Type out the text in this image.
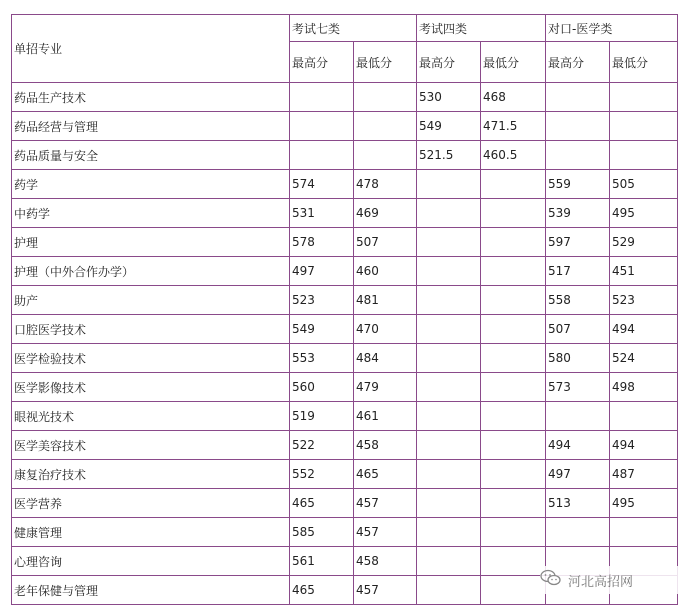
单招专业	考试七类		考试四类		对口-医学类	
	最高分	最低分	最高分	最低分	最高分	最低分
药品生产技术			530	468		
药品经营与管理			549	471.5		
药品质量与安全			521.5	460.5		
药学	574	478			559	505
中药学	531	469			539	495
护理	578	507			597	529
护理（中外合作办学）	497	460			517	451
助产	523	481			558	523
口腔医学技术	549	470			507	494
医学检验技术	553	484			580	524
医学影像技术	560	479			573	498
眼视光技术	519	461				
医学美容技术	522	458			494	494
康复治疗技术	552	465			497	487
医学营养	465	457			513	495
健康管理	585	457				
心理咨询	561	458				
老年保健与管理	465	457				
河北高招网
